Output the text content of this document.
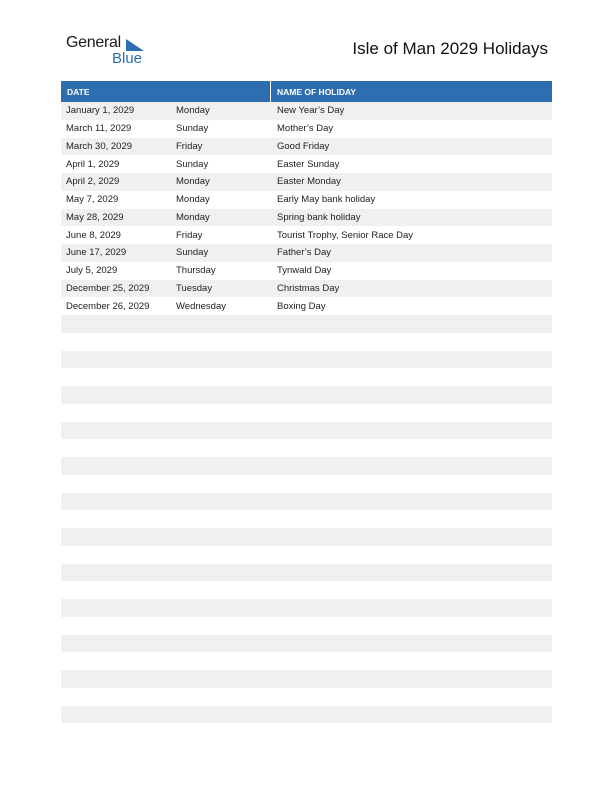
General
Blue
Isle of Man 2029 Holidays
DATE	NAME OF HOLIDAY
January 1, 2029	Monday	New Year’s Day
March 11, 2029	Sunday	Mother’s Day
March 30, 2029	Friday	Good Friday
April 1, 2029	Sunday	Easter Sunday
April 2, 2029	Monday	Easter Monday
May 7, 2029	Monday	Early May bank holiday
May 28, 2029	Monday	Spring bank holiday
June 8, 2029	Friday	Tourist Trophy, Senior Race Day
June 17, 2029	Sunday	Father’s Day
July 5, 2029	Thursday	Tynwald Day
December 25, 2029	Tuesday	Christmas Day
December 26, 2029	Wednesday	Boxing Day
